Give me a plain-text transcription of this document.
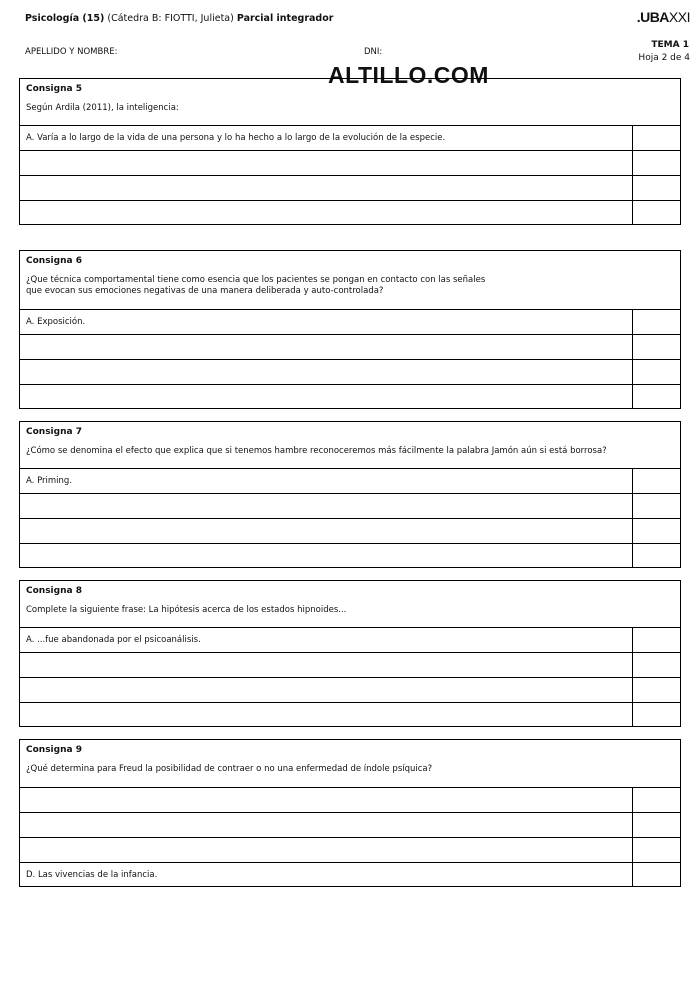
Psicología (15) (Cátedra B: FIOTTI, Julieta) Parcial integrador	.UBAXXI
APELLIDO Y NOMBRE:	DNI:
TEMA 1
Hoja 2 de 4
ALTILLO.COM
Consigna 5
Según Ardila (2011), la inteligencia:
A. Varía a lo largo de la vida de una persona y lo ha hecho a lo largo de la evolución de la especie.
Consigna 6
¿Que técnica comportamental tiene como esencia que los pacientes se pongan en contacto con las señales
que evocan sus emociones negativas de una manera deliberada y auto-controlada?
A. Exposición.
Consigna 7
¿Cómo se denomina el efecto que explica que si tenemos hambre reconoceremos más fácilmente la palabra Jamón aún si está borrosa?
A. Priming.
Consigna 8
Complete la siguiente frase: La hipótesis acerca de los estados hipnoides...
A. ...fue abandonada por el psicoanálisis.
Consigna 9
¿Qué determina para Freud la posibilidad de contraer o no una enfermedad de índole psíquica?
D. Las vivencias de la infancia.
